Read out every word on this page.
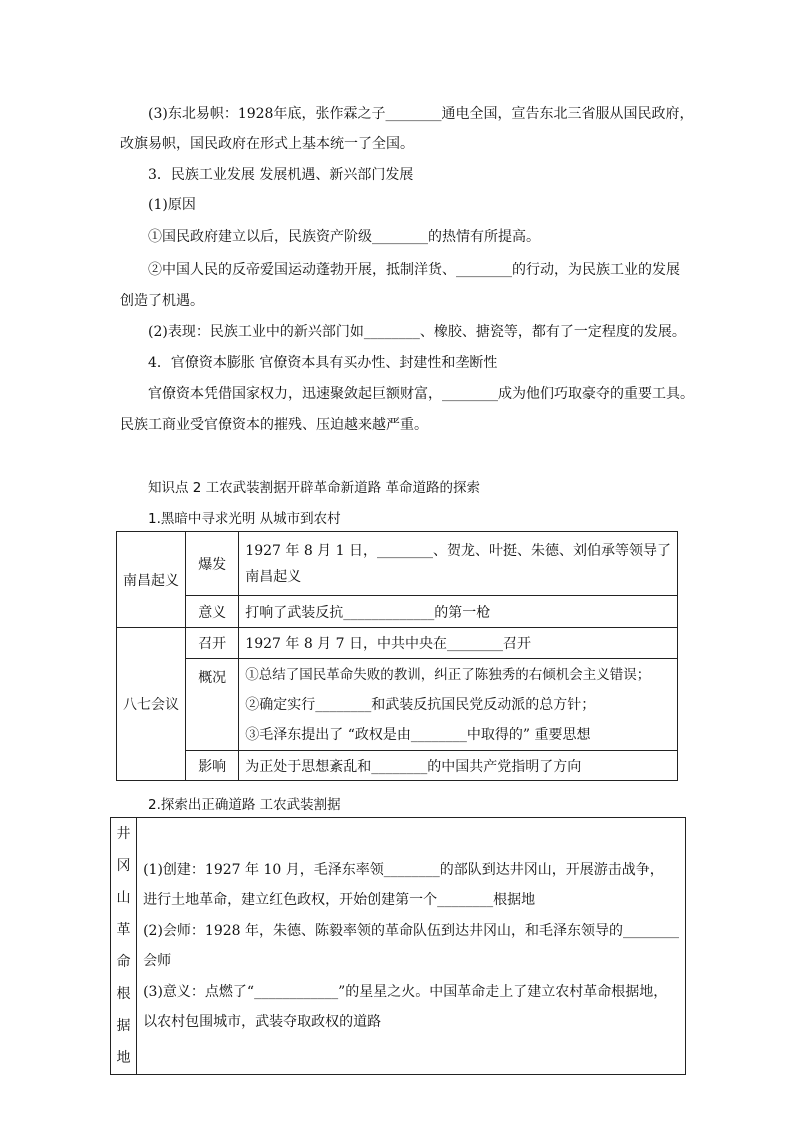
(3)东北易帜：1928年底，张作霖之子________通电全国，宣告东北三省服从国民政府，
改旗易帜，国民政府在形式上基本统一了全国。
3．民族工业发展 发展机遇、新兴部门发展
(1)原因
①国民政府建立以后，民族资产阶级________的热情有所提高。
②中国人民的反帝爱国运动蓬勃开展，抵制洋货、________的行动，为民族工业的发展
创造了机遇。
(2)表现：民族工业中的新兴部门如________、橡胶、搪瓷等，都有了一定程度的发展。
4．官僚资本膨胀 官僚资本具有买办性、封建性和垄断性
官僚资本凭借国家权力，迅速聚敛起巨额财富，________成为他们巧取豪夺的重要工具。
民族工商业受官僚资本的摧残、压迫越来越严重。
知识点 2 工农武装割据开辟革命新道路 革命道路的探索
1.黑暗中寻求光明 从城市到农村
南昌起义	爆发	1927 年 8 月 1 日，________、贺龙、叶挺、朱德、刘伯承等领导了
南昌起义

	意义	打响了武装反抗_____________的第一枪
八七会议	召开	1927 年 8 月 7 日，中共中央在________召开
	概况	①总结了国民革命失败的教训，纠正了陈独秀的右倾机会主义错误；
②确定实行________和武装反抗国民党反动派的总方针；
③毛泽东提出了 “政权是由________中取得的” 重要思想

	影响	为正处于思想紊乱和________的中国共产党指明了方向
2.探索出正确道路 工农武装割据
井冈
山革
命根
据地

(1)创建：1927 年 10 月，毛泽东率领________的部队到达井冈山，开展游击战争，
进行土地革命，建立红色政权，开始创建第一个________根据地
(2)会师：1928 年，朱德、陈毅率领的革命队伍到达井冈山，和毛泽东领导的________
会师
(3)意义：点燃了“____________”的星星之火。中国革命走上了建立农村革命根据地，
以农村包围城市，武装夺取政权的道路
